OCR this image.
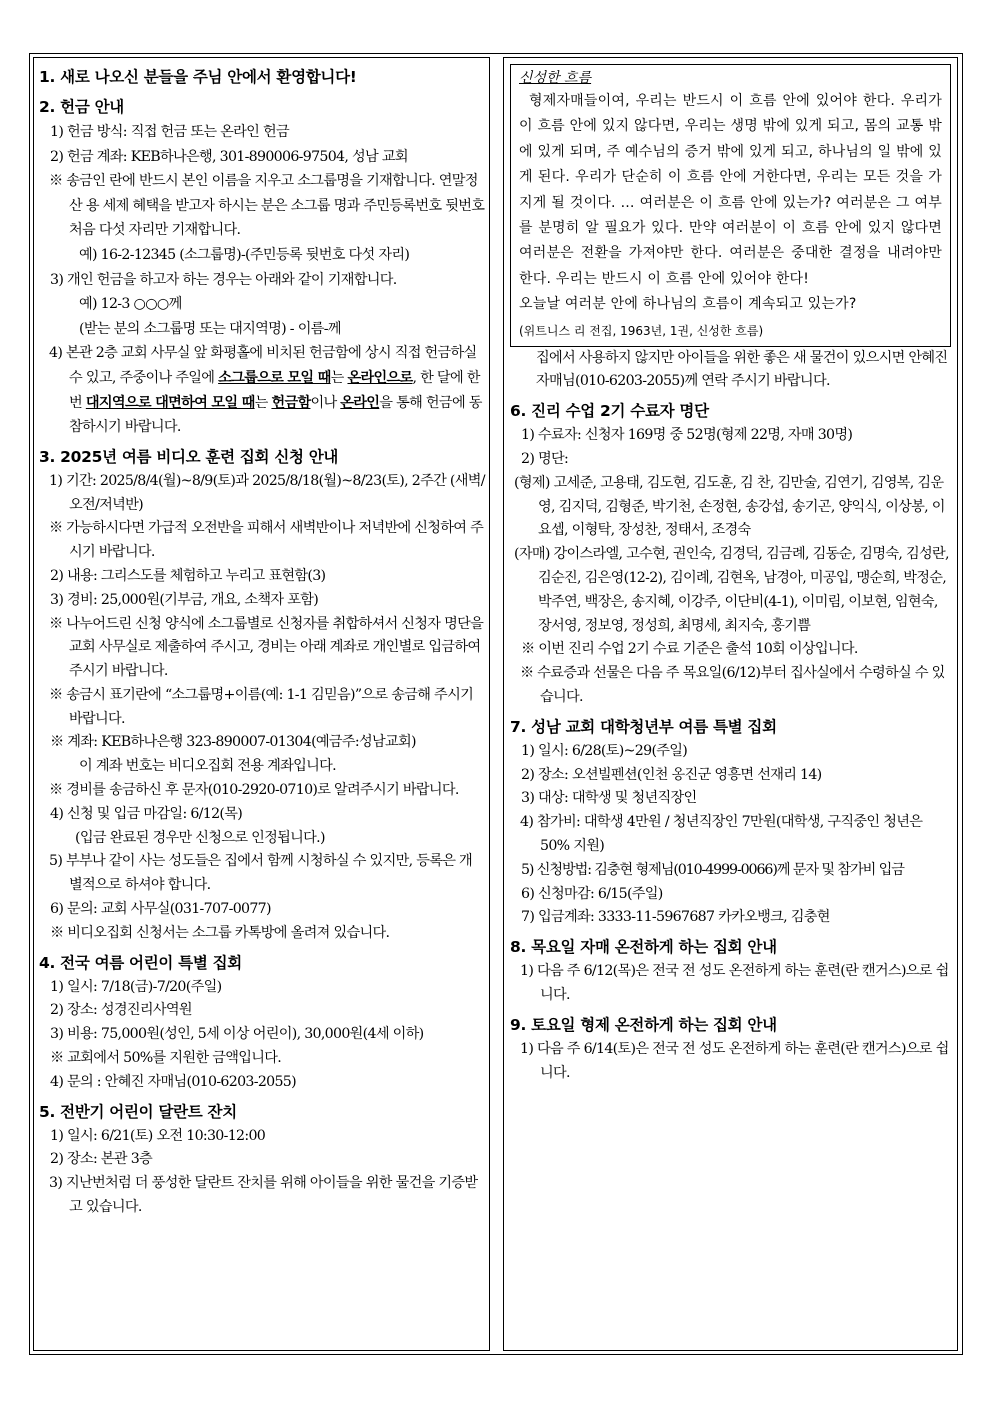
1. 새로 나오신 분들을 주님 안에서 환영합니다!
2. 헌금 안내
1) 헌금 방식: 직접 헌금 또는 온라인 헌금
2) 헌금 계좌: KEB하나은행, 301-890006-97504, 성남 교회
※ 송금인 란에 반드시 본인 이름을 지우고 소그룹명을 기재합니다. 연말정산 용 세제 혜택을 받고자 하시는 분은 소그룹 명과 주민등록번호 뒷번호 처음 다섯 자리만 기재합니다.
예) 16-2-12345 (소그룹명)-(주민등록 뒷번호 다섯 자리)
3) 개인 헌금을 하고자 하는 경우는 아래와 같이 기재합니다.
예) 12-3 ○○○께
(받는 분의 소그룹명 또는 대지역명) - 이름-께
4) 본관 2층 교회 사무실 앞 화평홀에 비치된 헌금함에 상시 직접 헌금하실 수 있고, 주중이나 주일에 소그룹으로 모일 때는 온라인으로, 한 달에 한 번 대지역으로 대면하여 모일 때는 헌금함이나 온라인을 통해 헌금에 동참하시기 바랍니다.
3. 2025년 여름 비디오 훈련 집회 신청 안내
1) 기간: 2025/8/4(월)~8/9(토)과 2025/8/18(월)~8/23(토), 2주간 (새벽/오전/저녁반)
※ 가능하시다면 가급적 오전반을 피해서 새벽반이나 저녁반에 신청하여 주시기 바랍니다.
2) 내용: 그리스도를 체험하고 누리고 표현함(3)
3) 경비: 25,000원(기부금, 개요, 소책자 포함)
※ 나누어드린 신청 양식에 소그룹별로 신청자를 취합하셔서 신청자 명단을 교회 사무실로 제출하여 주시고, 경비는 아래 계좌로 개인별로 입금하여 주시기 바랍니다.
※ 송금시 표기란에 “소그룹명+이름(예: 1-1 김믿음)”으로 송금해 주시기 바랍니다.
※ 계좌: KEB하나은행 323-890007-01304(예금주:성남교회)
이 계좌 번호는 비디오집회 전용 계좌입니다.
※ 경비를 송금하신 후 문자(010-2920-0710)로 알려주시기 바랍니다.
4) 신청 및 입금 마감일: 6/12(목)
(입금 완료된 경우만 신청으로 인정됩니다.)
5) 부부나 같이 사는 성도들은 집에서 함께 시청하실 수 있지만, 등록은 개별적으로 하셔야 합니다.
6) 문의: 교회 사무실(031-707-0077)
※ 비디오집회 신청서는 소그룹 카톡방에 올려져 있습니다.
4. 전국 여름 어린이 특별 집회
1) 일시: 7/18(금)-7/20(주일)
2) 장소: 성경진리사역원
3) 비용: 75,000원(성인, 5세 이상 어린이), 30,000원(4세 이하)
※ 교회에서 50%를 지원한 금액입니다.
4) 문의 : 안혜진 자매님(010-6203-2055)
5. 전반기 어린이 달란트 잔치
1) 일시: 6/21(토) 오전 10:30-12:00
2) 장소: 본관 3층
3) 지난번처럼 더 풍성한 달란트 잔치를 위해 아이들을 위한 물건을 기증받고 있습니다.
신성한 흐름
형제자매들이여, 우리는 반드시 이 흐름 안에 있어야 한다. 우리가 이 흐름 안에 있지 않다면, 우리는 생명 밖에 있게 되고, 몸의 교통 밖에 있게 되며, 주 예수님의 증거 밖에 있게 되고, 하나님의 일 밖에 있게 된다. 우리가 단순히 이 흐름 안에 거한다면, 우리는 모든 것을 가지게 될 것이다. … 여러분은 이 흐름 안에 있는가? 여러분은 그 여부를 분명히 알 필요가 있다. 만약 여러분이 이 흐름 안에 있지 않다면 여러분은 전환을 가져야만 한다. 여러분은 중대한 결정을 내려야만 한다. 우리는 반드시 이 흐름 안에 있어야 한다!
오늘날 여러분 안에 하나님의 흐름이 계속되고 있는가?
(위트니스 리 전집, 1963년, 1권, 신성한 흐름)
집에서 사용하지 않지만 아이들을 위한 좋은 새 물건이 있으시면 안혜진 자매님(010-6203-2055)께 연락 주시기 바랍니다.
6. 진리 수업 2기 수료자 명단
1) 수료자: 신청자 169명 중 52명(형제 22명, 자매 30명)
2) 명단:
(형제) 고세준, 고용태, 김도현, 김도훈, 김 찬, 김만술, 김연기, 김영복, 김운영, 김지덕, 김형준, 박기천, 손정현, 송강섭, 송기곤, 양익식, 이상봉, 이요셉, 이형탁, 장성찬, 정태서, 조경숙
(자매) 강이스라엘, 고수현, 권인숙, 김경덕, 김금례, 김동순, 김명숙, 김성란, 김순진, 김은영(12-2), 김이례, 김현옥, 남경아, 미공입, 맹순희, 박정순, 박주연, 백장은, 송지혜, 이강주, 이단비(4-1), 이미림, 이보현, 임현숙, 장서영, 정보영, 정성희, 최명세, 최지숙, 홍기쁨
※ 이번 진리 수업 2기 수료 기준은 출석 10회 이상입니다.
※ 수료증과 선물은 다음 주 목요일(6/12)부터 집사실에서 수령하실 수 있습니다.
7. 성남 교회 대학청년부 여름 특별 집회
1) 일시: 6/28(토)~29(주일)
2) 장소: 오션빌펜션(인천 옹진군 영흥면 선재리 14)
3) 대상: 대학생 및 청년직장인
4) 참가비: 대학생 4만원 / 청년직장인 7만원(대학생, 구직중인 청년은 50% 지원)
5) 신청방법: 김충현 형제님(010-4999-0066)께 문자 및 참가비 입금
6) 신청마감: 6/15(주일)
7) 입금계좌: 3333-11-5967687 카카오뱅크, 김충현
8. 목요일 자매 온전하게 하는 집회 안내
1) 다음 주 6/12(목)은 전국 전 성도 온전하게 하는 훈련(란 캔거스)으로 쉽니다.
9. 토요일 형제 온전하게 하는 집회 안내
1) 다음 주 6/14(토)은 전국 전 성도 온전하게 하는 훈련(란 캔거스)으로 쉽니다.
